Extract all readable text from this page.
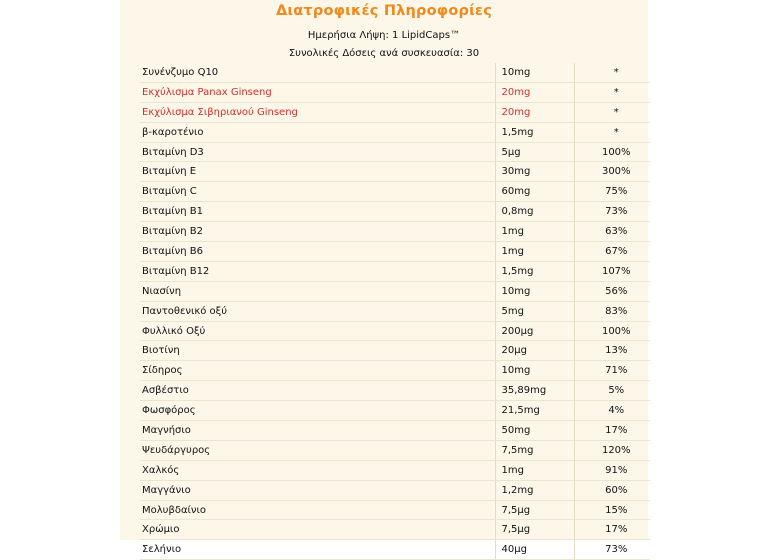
Διατροφικές Πληροφορίες
Ημερήσια Λήψη: 1 LipidCaps™
Συνολικές Δόσεις ανά συσκευασία: 30
Συνένζυμο Q10	10mg	*
Εκχύλισμα Panax Ginseng	20mg	*
Εκχύλισμα Σιβηριανού Ginseng	20mg	*
β-καροτένιο	1,5mg	*
Βιταμίνη D3	5μg	100%
Βιταμίνη Ε	30mg	300%
Βιταμίνη C	60mg	75%
Βιταμίνη Β1	0,8mg	73%
Βιταμίνη Β2	1mg	63%
Βιταμίνη Β6	1mg	67%
Βιταμίνη Β12	1,5mg	107%
Νιασίνη	10mg	56%
Παντοθενικό οξύ	5mg	83%
Φυλλικό Οξύ	200μg	100%
Βιοτίνη	20μg	13%
Σίδηρος	10mg	71%
Ασβέστιο	35,89mg	5%
Φωσφόρος	21,5mg	4%
Μαγνήσιο	50mg	17%
Ψευδάργυρος	7,5mg	120%
Χαλκός	1mg	91%
Μαγγάνιο	1,2mg	60%
Μολυβδαίνιο	7,5μg	15%
Χρώμιο	7,5μg	17%
Σελήνιο	40μg	73%
